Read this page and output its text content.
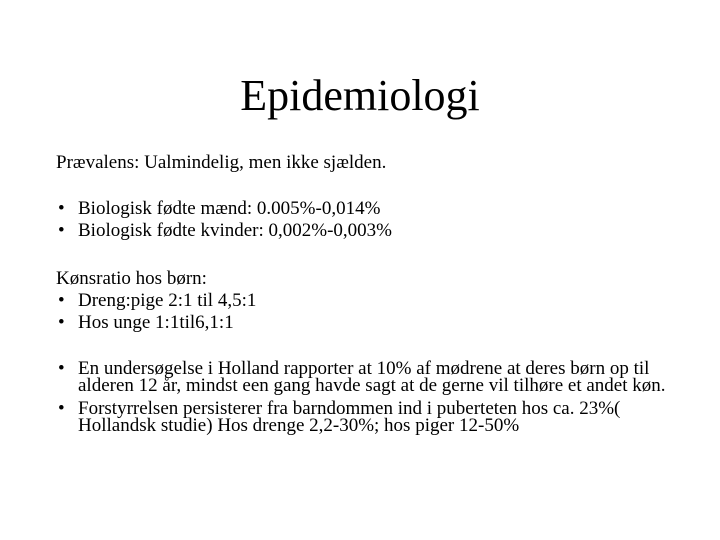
Epidemiologi

Prævalens: Ualmindelig, men ikke sjælden.

• Biologisk fødte mænd: 0.005%-0,014%
• Biologisk fødte kvinder: 0,002%-0,003%

Kønsratio hos børn:

• Dreng:pige 2:1 til 4,5:1
• Hos unge 1:1til6,1:1
• En undersøgelse i Holland rapporter at 10% af mødrene at deres børn op til alderen 12 år, mindst een gang havde sagt at de gerne vil tilhøre et andet køn.
• Forstyrrelsen persisterer fra barndommen ind i puberteten hos ca. 23%( Hollandsk studie) Hos drenge 2,2-30%; hos piger 12-50%
